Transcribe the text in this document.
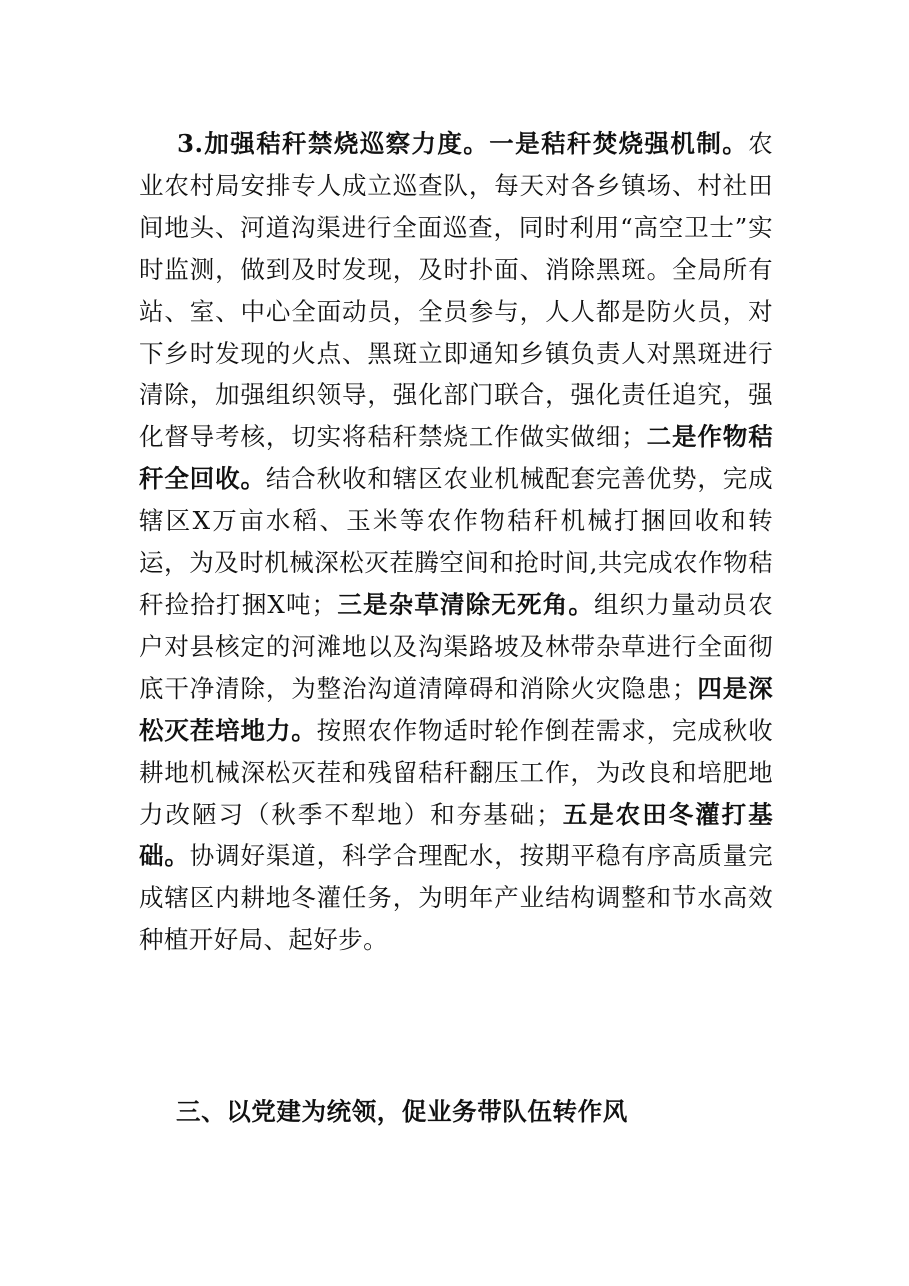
3.加强秸秆禁烧巡察力度。一是秸秆焚烧强机制。农业农村局安排专人成立巡查队，每天对各乡镇场、村社田间地头、河道沟渠进行全面巡查，同时利用“高空卫士”实时监测，做到及时发现，及时扑面、消除黑斑。全局所有站、室、中心全面动员，全员参与，人人都是防火员，对下乡时发现的火点、黑斑立即通知乡镇负责人对黑斑进行清除，加强组织领导，强化部门联合，强化责任追究，强化督导考核，切实将秸秆禁烧工作做实做细；二是作物秸秆全回收。结合秋收和辖区农业机械配套完善优势，完成辖区X万亩水稻、玉米等农作物秸秆机械打捆回收和转运，为及时机械深松灭茬腾空间和抢时间,共完成农作物秸秆捡拾打捆X吨；三是杂草清除无死角。组织力量动员农户对县核定的河滩地以及沟渠路坡及林带杂草进行全面彻底干净清除，为整治沟道清障碍和消除火灾隐患；四是深松灭茬培地力。按照农作物适时轮作倒茬需求，完成秋收耕地机械深松灭茬和残留秸秆翻压工作，为改良和培肥地力改陋习（秋季不犁地）和夯基础；五是农田冬灌打基础。协调好渠道，科学合理配水，按期平稳有序高质量完成辖区内耕地冬灌任务，为明年产业结构调整和节水高效种植开好局、起好步。

三、以党建为统领，促业务带队伍转作风
